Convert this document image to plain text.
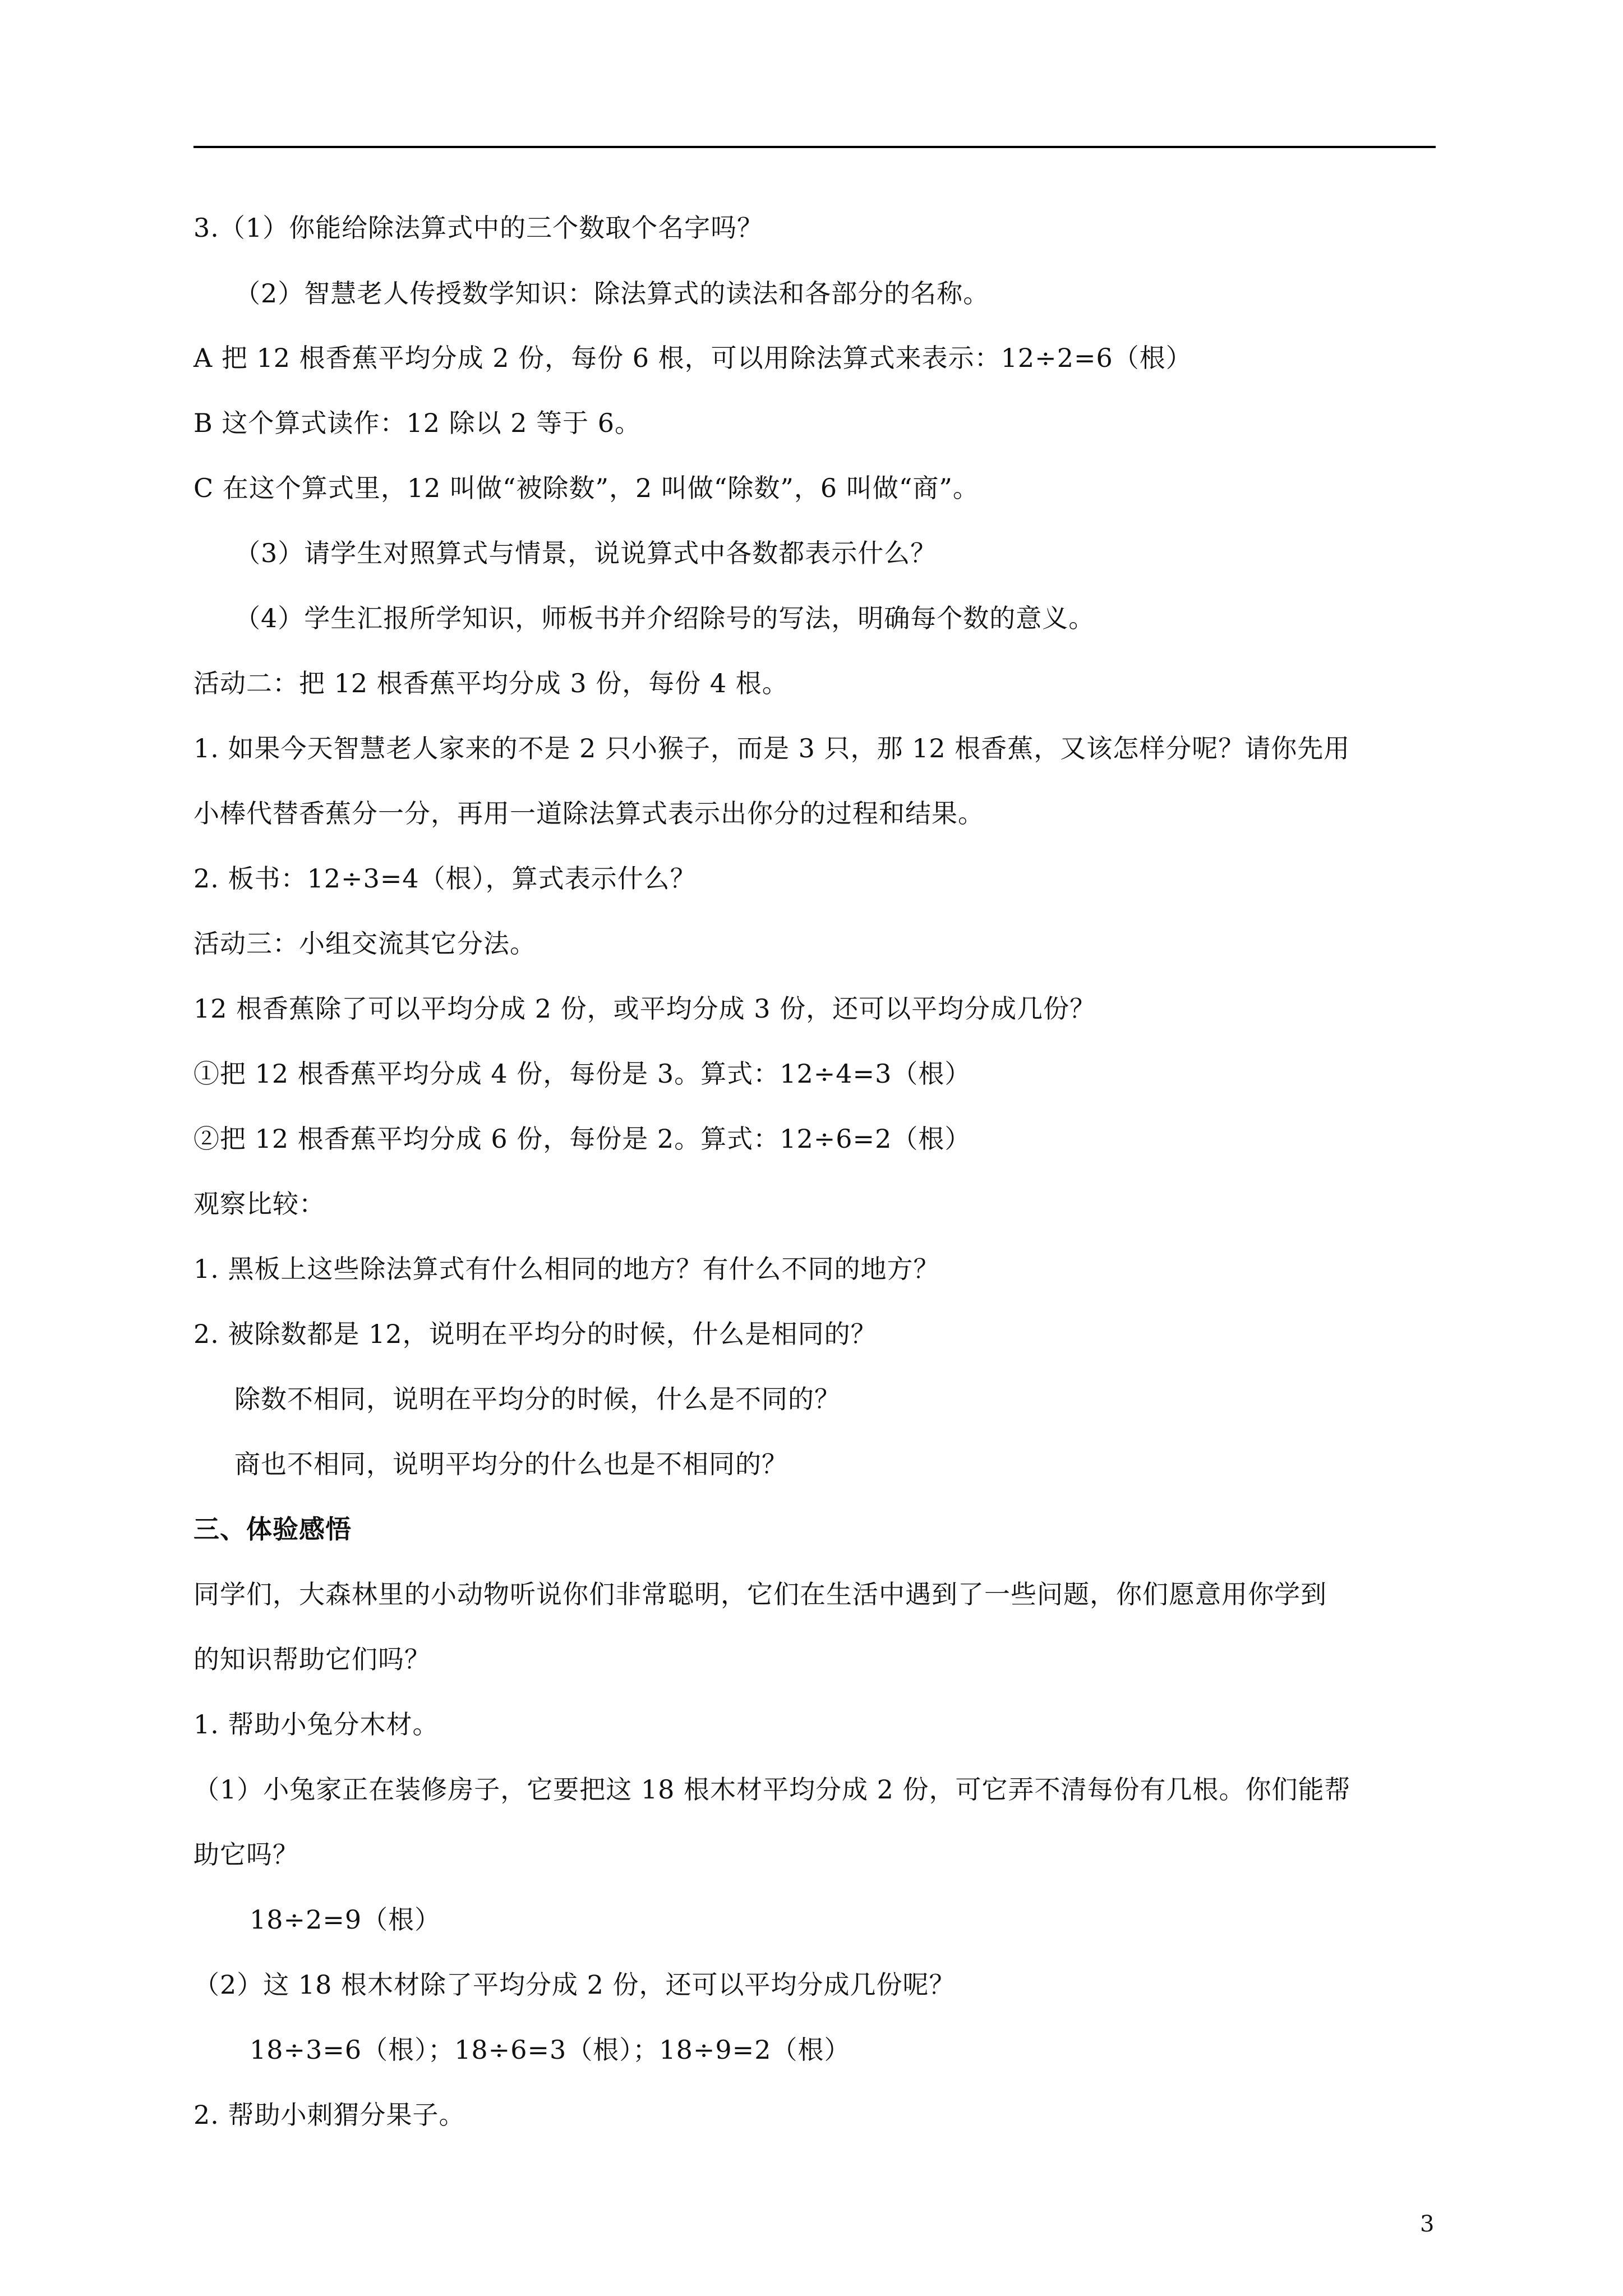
3.（1）你能给除法算式中的三个数取个名字吗？
（2）智慧老人传授数学知识：除法算式的读法和各部分的名称。
A 把 12 根香蕉平均分成 2 份，每份 6 根，可以用除法算式来表示：12÷2=6（根）
B 这个算式读作：12 除以 2 等于 6。
C 在这个算式里，12 叫做“被除数”，2 叫做“除数”，6 叫做“商”。
（3）请学生对照算式与情景，说说算式中各数都表示什么？
（4）学生汇报所学知识，师板书并介绍除号的写法，明确每个数的意义。
活动二：把 12 根香蕉平均分成 3 份，每份 4 根。
1. 如果今天智慧老人家来的不是 2 只小猴子，而是 3 只，那 12 根香蕉，又该怎样分呢？请你先用
小棒代替香蕉分一分，再用一道除法算式表示出你分的过程和结果。
2. 板书：12÷3=4（根），算式表示什么？
活动三：小组交流其它分法。
12 根香蕉除了可以平均分成 2 份，或平均分成 3 份，还可以平均分成几份？
①把 12 根香蕉平均分成 4 份，每份是 3。算式：12÷4=3（根）
②把 12 根香蕉平均分成 6 份，每份是 2。算式：12÷6=2（根）
观察比较：
1. 黑板上这些除法算式有什么相同的地方？有什么不同的地方？
2. 被除数都是 12，说明在平均分的时候，什么是相同的？
除数不相同，说明在平均分的时候，什么是不同的？
商也不相同，说明平均分的什么也是不相同的？
三、体验感悟
同学们，大森林里的小动物听说你们非常聪明，它们在生活中遇到了一些问题，你们愿意用你学到
的知识帮助它们吗？
1. 帮助小兔分木材。
（1）小兔家正在装修房子，它要把这 18 根木材平均分成 2 份，可它弄不清每份有几根。你们能帮
助它吗？
18÷2=9（根）
（2）这 18 根木材除了平均分成 2 份，还可以平均分成几份呢？
18÷3=6（根）；18÷6=3（根）；18÷9=2（根）
2. 帮助小刺猬分果子。
3
